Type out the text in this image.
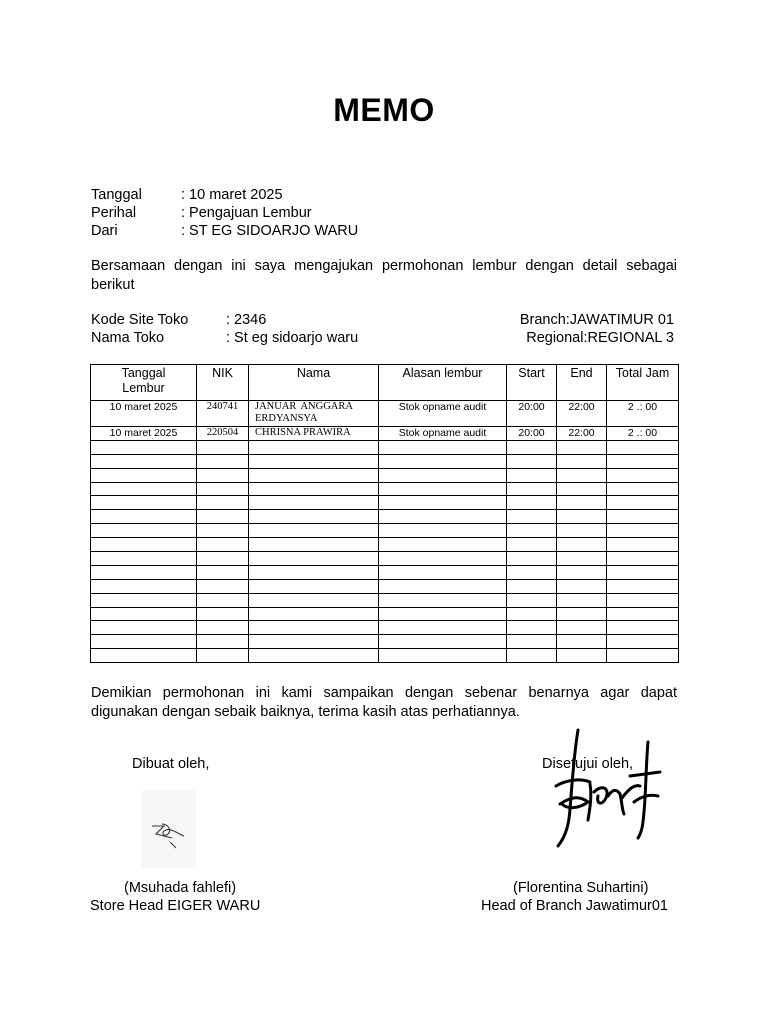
MEMO
Tanggal	: 10 maret 2025
Perihal	: Pengajuan Lembur
Dari	: ST EG SIDOARJO WARU
Bersamaan dengan ini saya mengajukan permohonan lembur dengan detail sebagai berikut
Kode Site Toko	: 2346	Branch:JAWATIMUR 01
Nama Toko	: St eg sidoarjo waru	Regional:REGIONAL 3
Tanggal Lembur	NIK	Nama	Alasan lembur	Start	End	Total Jam
10 maret 2025	240741	JANUAR ANGGARA ERDYANSYA	Stok opname audit	20:00	22:00	2 .: 00
10 maret 2025	220504	CHRISNA PRAWIRA	Stok opname audit	20:00	22:00	2 .: 00

Demikian permohonan ini kami sampaikan dengan sebenar benarnya agar dapat digunakan dengan sebaik baiknya, terima kasih atas perhatiannya.
Dibuat oleh,	Disetujui oleh,
(Msuhada fahlefi)
Store Head EIGER WARU
(Florentina Suhartini)
Head of Branch Jawatimur01
